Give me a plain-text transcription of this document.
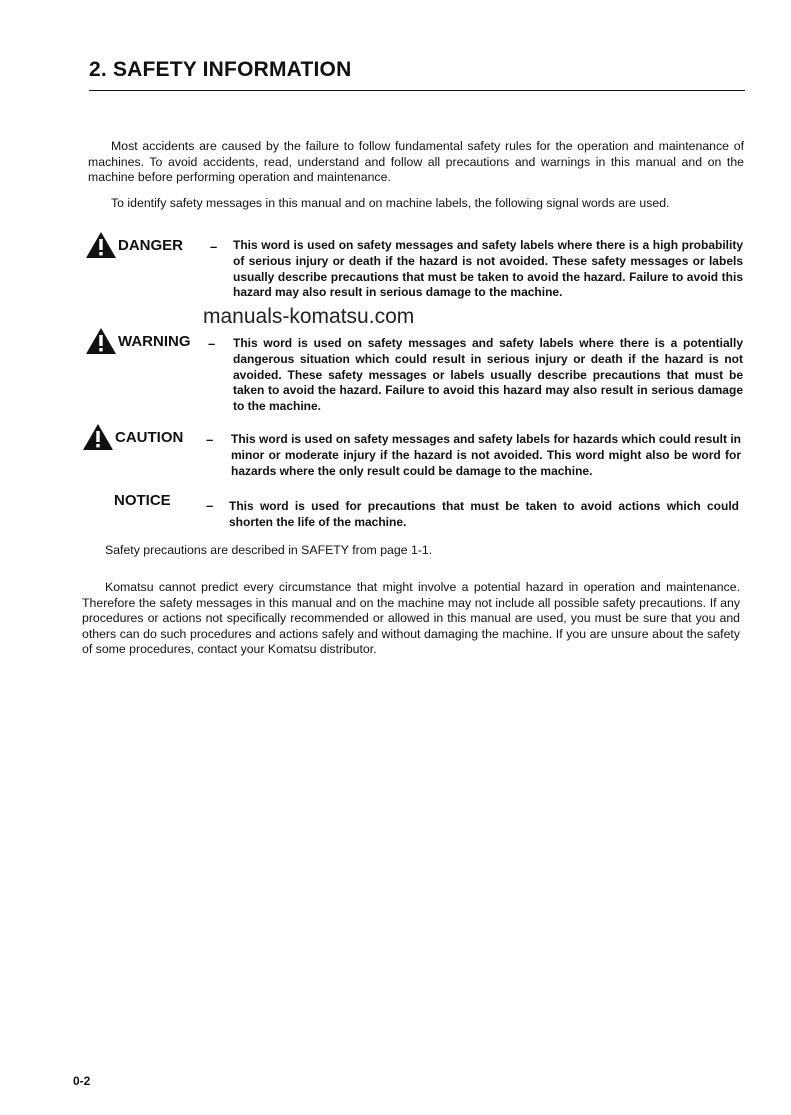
2. SAFETY INFORMATION

Most accidents are caused by the failure to follow fundamental safety rules for the operation and maintenance of machines. To avoid accidents, read, understand and follow all precautions and warnings in this manual and on the machine before performing operation and maintenance.

To identify safety messages in this manual and on machine labels, the following signal words are used.

DANGER – This word is used on safety messages and safety labels where there is a high probability of serious injury or death if the hazard is not avoided. These safety messages or labels usually describe precautions that must be taken to avoid the hazard. Failure to avoid this hazard may also result in serious damage to the machine.

WARNING – This word is used on safety messages and safety labels where there is a potentially dangerous situation which could result in serious injury or death if the hazard is not avoided. These safety messages or labels usually describe precautions that must be taken to avoid the hazard. Failure to avoid this hazard may also result in serious damage to the machine.

CAUTION – This word is used on safety messages and safety labels for hazards which could result in minor or moderate injury if the hazard is not avoided. This word might also be word for hazards where the only result could be damage to the machine.

NOTICE	– This word is used for precautions that must be taken to avoid actions which could shorten the life of the machine.

Safety precautions are described in SAFETY from page 1-1.

Komatsu cannot predict every circumstance that might involve a potential hazard in operation and maintenance. Therefore the safety messages in this manual and on the machine may not include all possible safety precautions. If any procedures or actions not specifically recommended or allowed in this manual are used, you must be sure that you and others can do such procedures and actions safely and without damaging the machine. If you are unsure about the safety of some procedures, contact your Komatsu distributor.

manuals-komatsu.com
0-2
